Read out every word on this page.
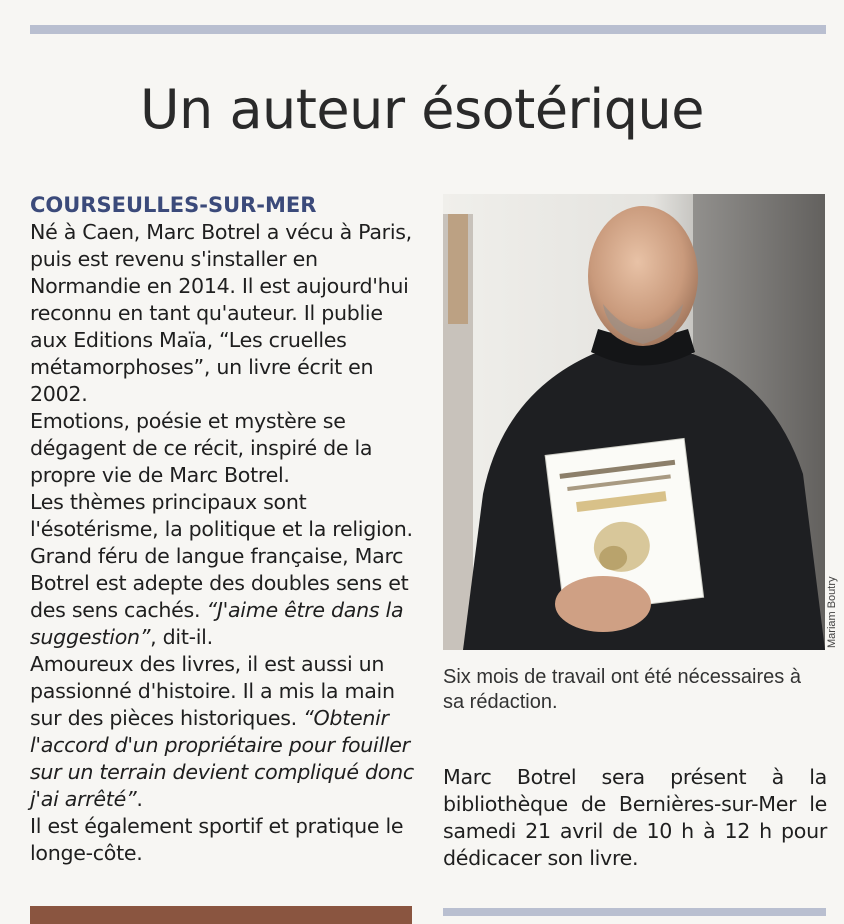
Un auteur ésotérique
COURSEULLES-SUR-MER

Né à Caen, Marc Botrel a vécu à Paris, puis est revenu s'installer en Normandie en 2014. Il est aujourd'hui reconnu en tant qu'auteur. Il publie aux Editions Maïa, “Les cruelles métamorphoses”, un livre écrit en 2002.

Emotions, poésie et mystère se dégagent de ce récit, inspiré de la propre vie de Marc Botrel.

Les thèmes principaux sont l'ésotérisme, la politique et la religion.

Grand féru de langue française, Marc Botrel est adepte des doubles sens et des sens cachés. “J'aime être dans la suggestion”, dit-il.

Amoureux des livres, il est aussi un passionné d'histoire. Il a mis la main sur des pièces historiques. “Obtenir l'accord d'un propriétaire pour fouiller sur un terrain devient compliqué donc j'ai arrêté”.

Il est également sportif et pratique le longe-côte.

Mariam Boutry
Six mois de travail ont été nécessaires à sa rédaction.
Marc Botrel sera présent à la bibliothèque de Bernières-sur-Mer le samedi 21 avril de 10 h à 12 h pour dédicacer son livre.
